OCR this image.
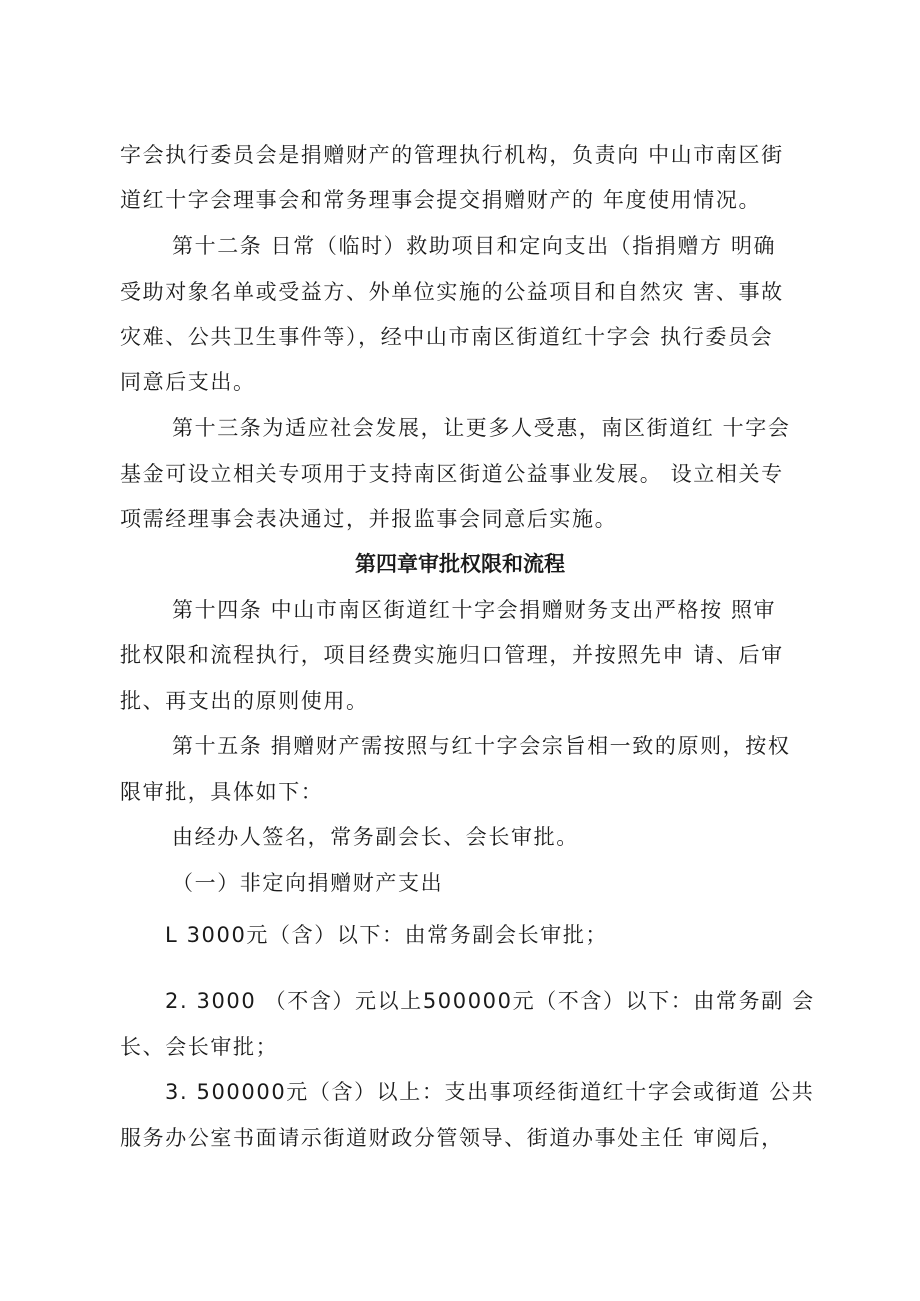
字会执行委员会是捐赠财产的管理执行机构，负责向 中山市南区街
道红十字会理事会和常务理事会提交捐赠财产的 年度使用情况。
第十二条 日常（临时）救助项目和定向支出（指捐赠方 明确
受助对象名单或受益方、外单位实施的公益项目和自然灾 害、事故
灾难、公共卫生事件等），经中山市南区街道红十字会 执行委员会
同意后支出。
第十三条为适应社会发展，让更多人受惠，南区街道红 十字会
基金可设立相关专项用于支持南区街道公益事业发展。 设立相关专
项需经理事会表决通过，并报监事会同意后实施。
第四章审批权限和流程
第十四条 中山市南区街道红十字会捐赠财务支出严格按 照审
批权限和流程执行，项目经费实施归口管理，并按照先申 请、后审
批、再支出的原则使用。
第十五条 捐赠财产需按照与红十字会宗旨相一致的原则，按权
限审批，具体如下：
由经办人签名，常务副会长、会长审批。
（一）非定向捐赠财产支出
L 3000元（含）以下：由常务副会长审批；
2. 3000 （不含）元以上500000元（不含）以下：由常务副 会
长、会长审批；
3. 500000元（含）以上：支出事项经街道红十字会或街道 公共
服务办公室书面请示街道财政分管领导、街道办事处主任 审阅后，
